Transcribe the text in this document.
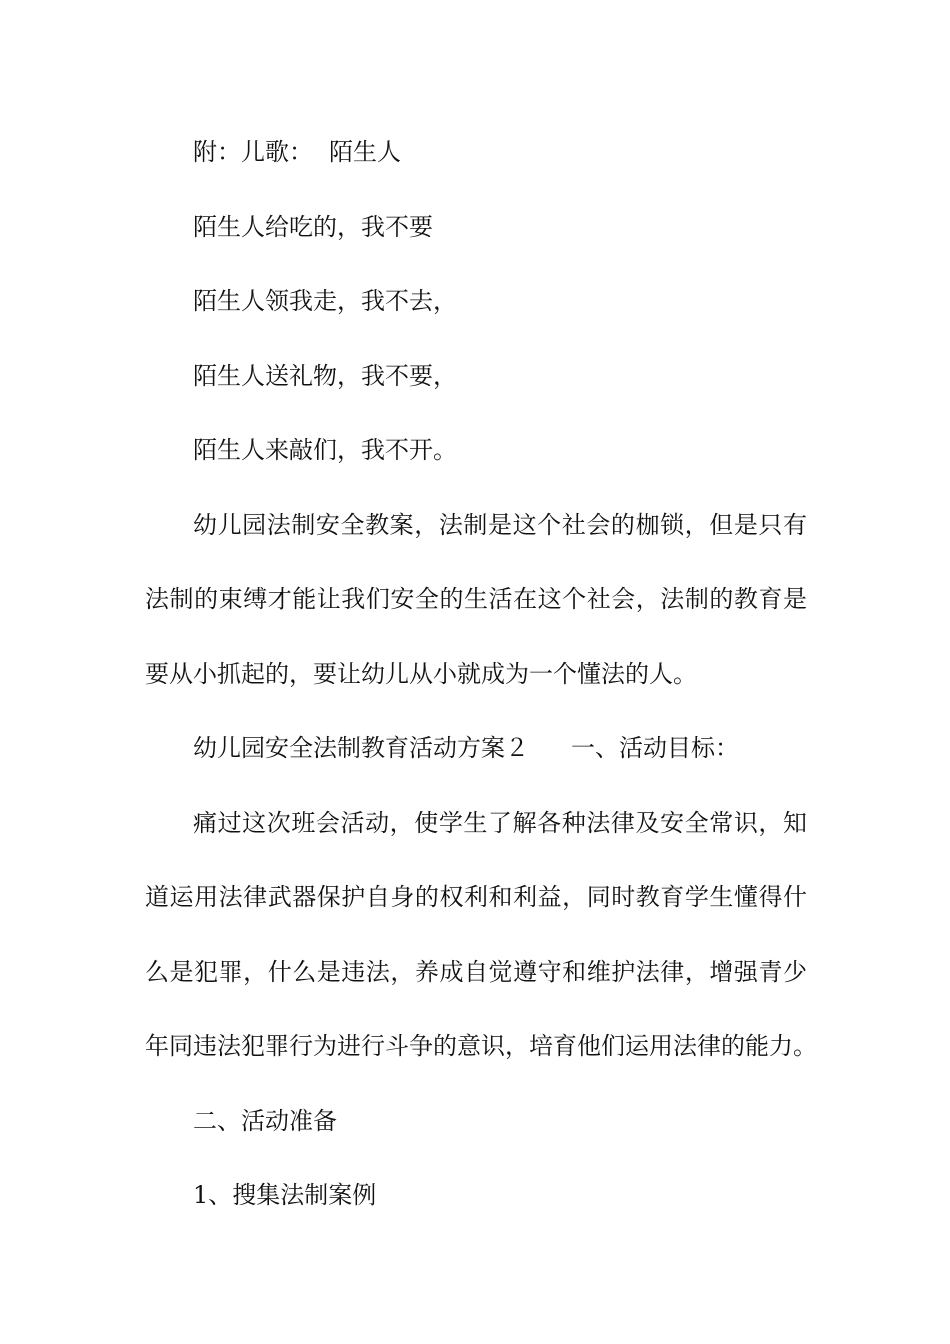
附：儿歌： 陌生人
陌生人给吃的，我不要
陌生人领我走，我不去，
陌生人送礼物，我不要，
陌生人来敲们，我不开。
幼儿园法制安全教案，法制是这个社会的枷锁，但是只有
法制的束缚才能让我们安全的生活在这个社会，法制的教育是
要从小抓起的，要让幼儿从小就成为一个懂法的人。
幼儿园安全法制教育活动方案２ 一、活动目标：
痛过这次班会活动，使学生了解各种法律及安全常识，知
道运用法律武器保护自身的权利和利益，同时教育学生懂得什
么是犯罪，什么是违法，养成自觉遵守和维护法律，增强青少
年同违法犯罪行为进行斗争的意识，培育他们运用法律的能力。
二、活动准备
1、搜集法制案例
